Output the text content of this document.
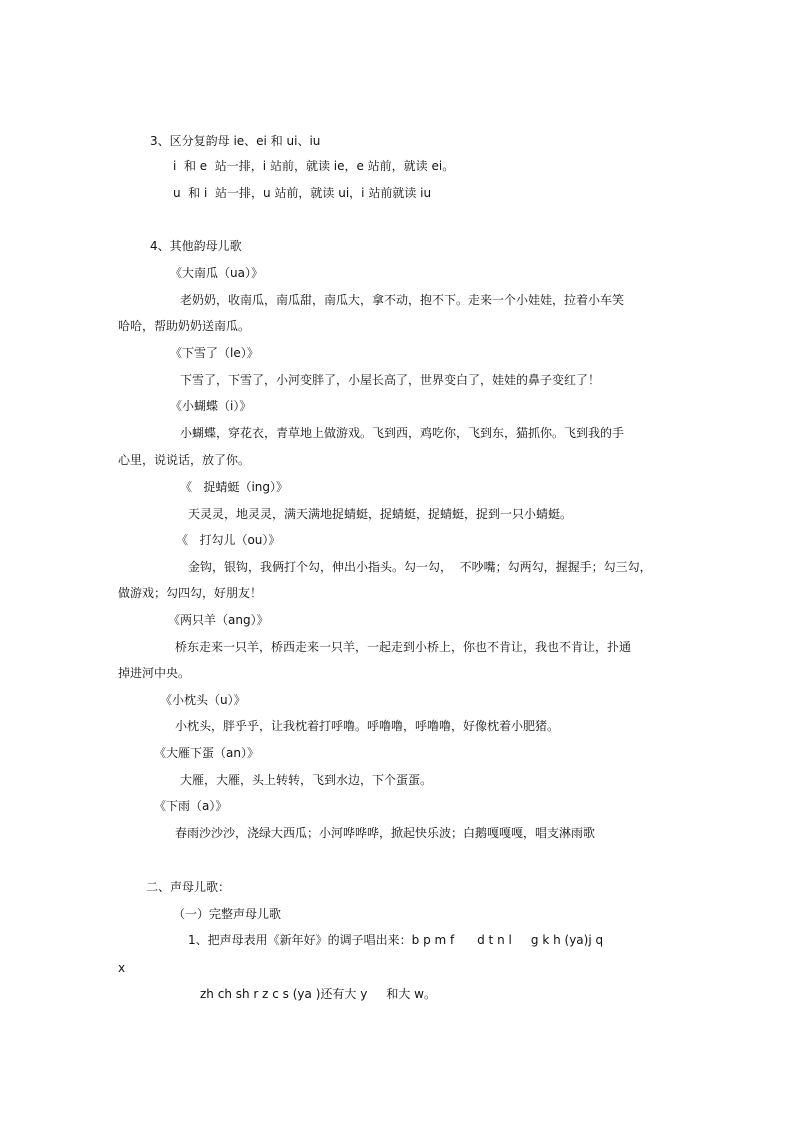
3、区分复韵母 ie、ei 和 ui、iu
i  和 e  站一排，i 站前，就读 ie，e 站前，就读 ei。
u  和 i  站一排，u 站前，就读 ui，i 站前就读 iu
4、其他韵母儿歌
《大南瓜（ua）》
老奶奶，收南瓜，南瓜甜，南瓜大，拿不动，抱不下。走来一个小娃娃，拉着小车笑
哈哈，帮助奶奶送南瓜。
《下雪了（le）》
下雪了，下雪了，小河变胖了，小屋长高了，世界变白了，娃娃的鼻子变红了！
《小蝴蝶（i）》
小蝴蝶，穿花衣，青草地上做游戏。飞到西，鸡吃你，飞到东，猫抓你。飞到我的手
心里，说说话，放了你。
《   捉蜻蜓（ing）》
天灵灵，地灵灵，满天满地捉蜻蜓，捉蜻蜓，捉蜻蜓，捉到一只小蜻蜓。
《   打勾儿（ou）》
金钩，银钩，我俩打个勾，伸出小指头。勾一勾，  不吵嘴；勾两勾，握握手；勾三勾，
做游戏；勾四勾，好朋友！
《两只羊（ang）》
桥东走来一只羊，桥西走来一只羊，一起走到小桥上，你也不肯让，我也不肯让，扑通
掉进河中央。
《小枕头（u）》
小枕头，胖乎乎，让我枕着打呼噜。呼噜噜，呼噜噜，好像枕着小肥猪。
《大雁下蛋（an）》
大雁，大雁，头上转转，飞到水边，下个蛋蛋。
《下雨（a）》
春雨沙沙沙，浇绿大西瓜；小河哗哗哗，掀起快乐波；白鹅嘎嘎嘎，唱支淋雨歌
二、声母儿歌：
（一）完整声母儿歌
1、把声母表用《新年好》的调子唱出来：b p m f      d t n l     g k h (ya)j q
x
zh ch sh r z c s (ya )还有大 y     和大 w。
